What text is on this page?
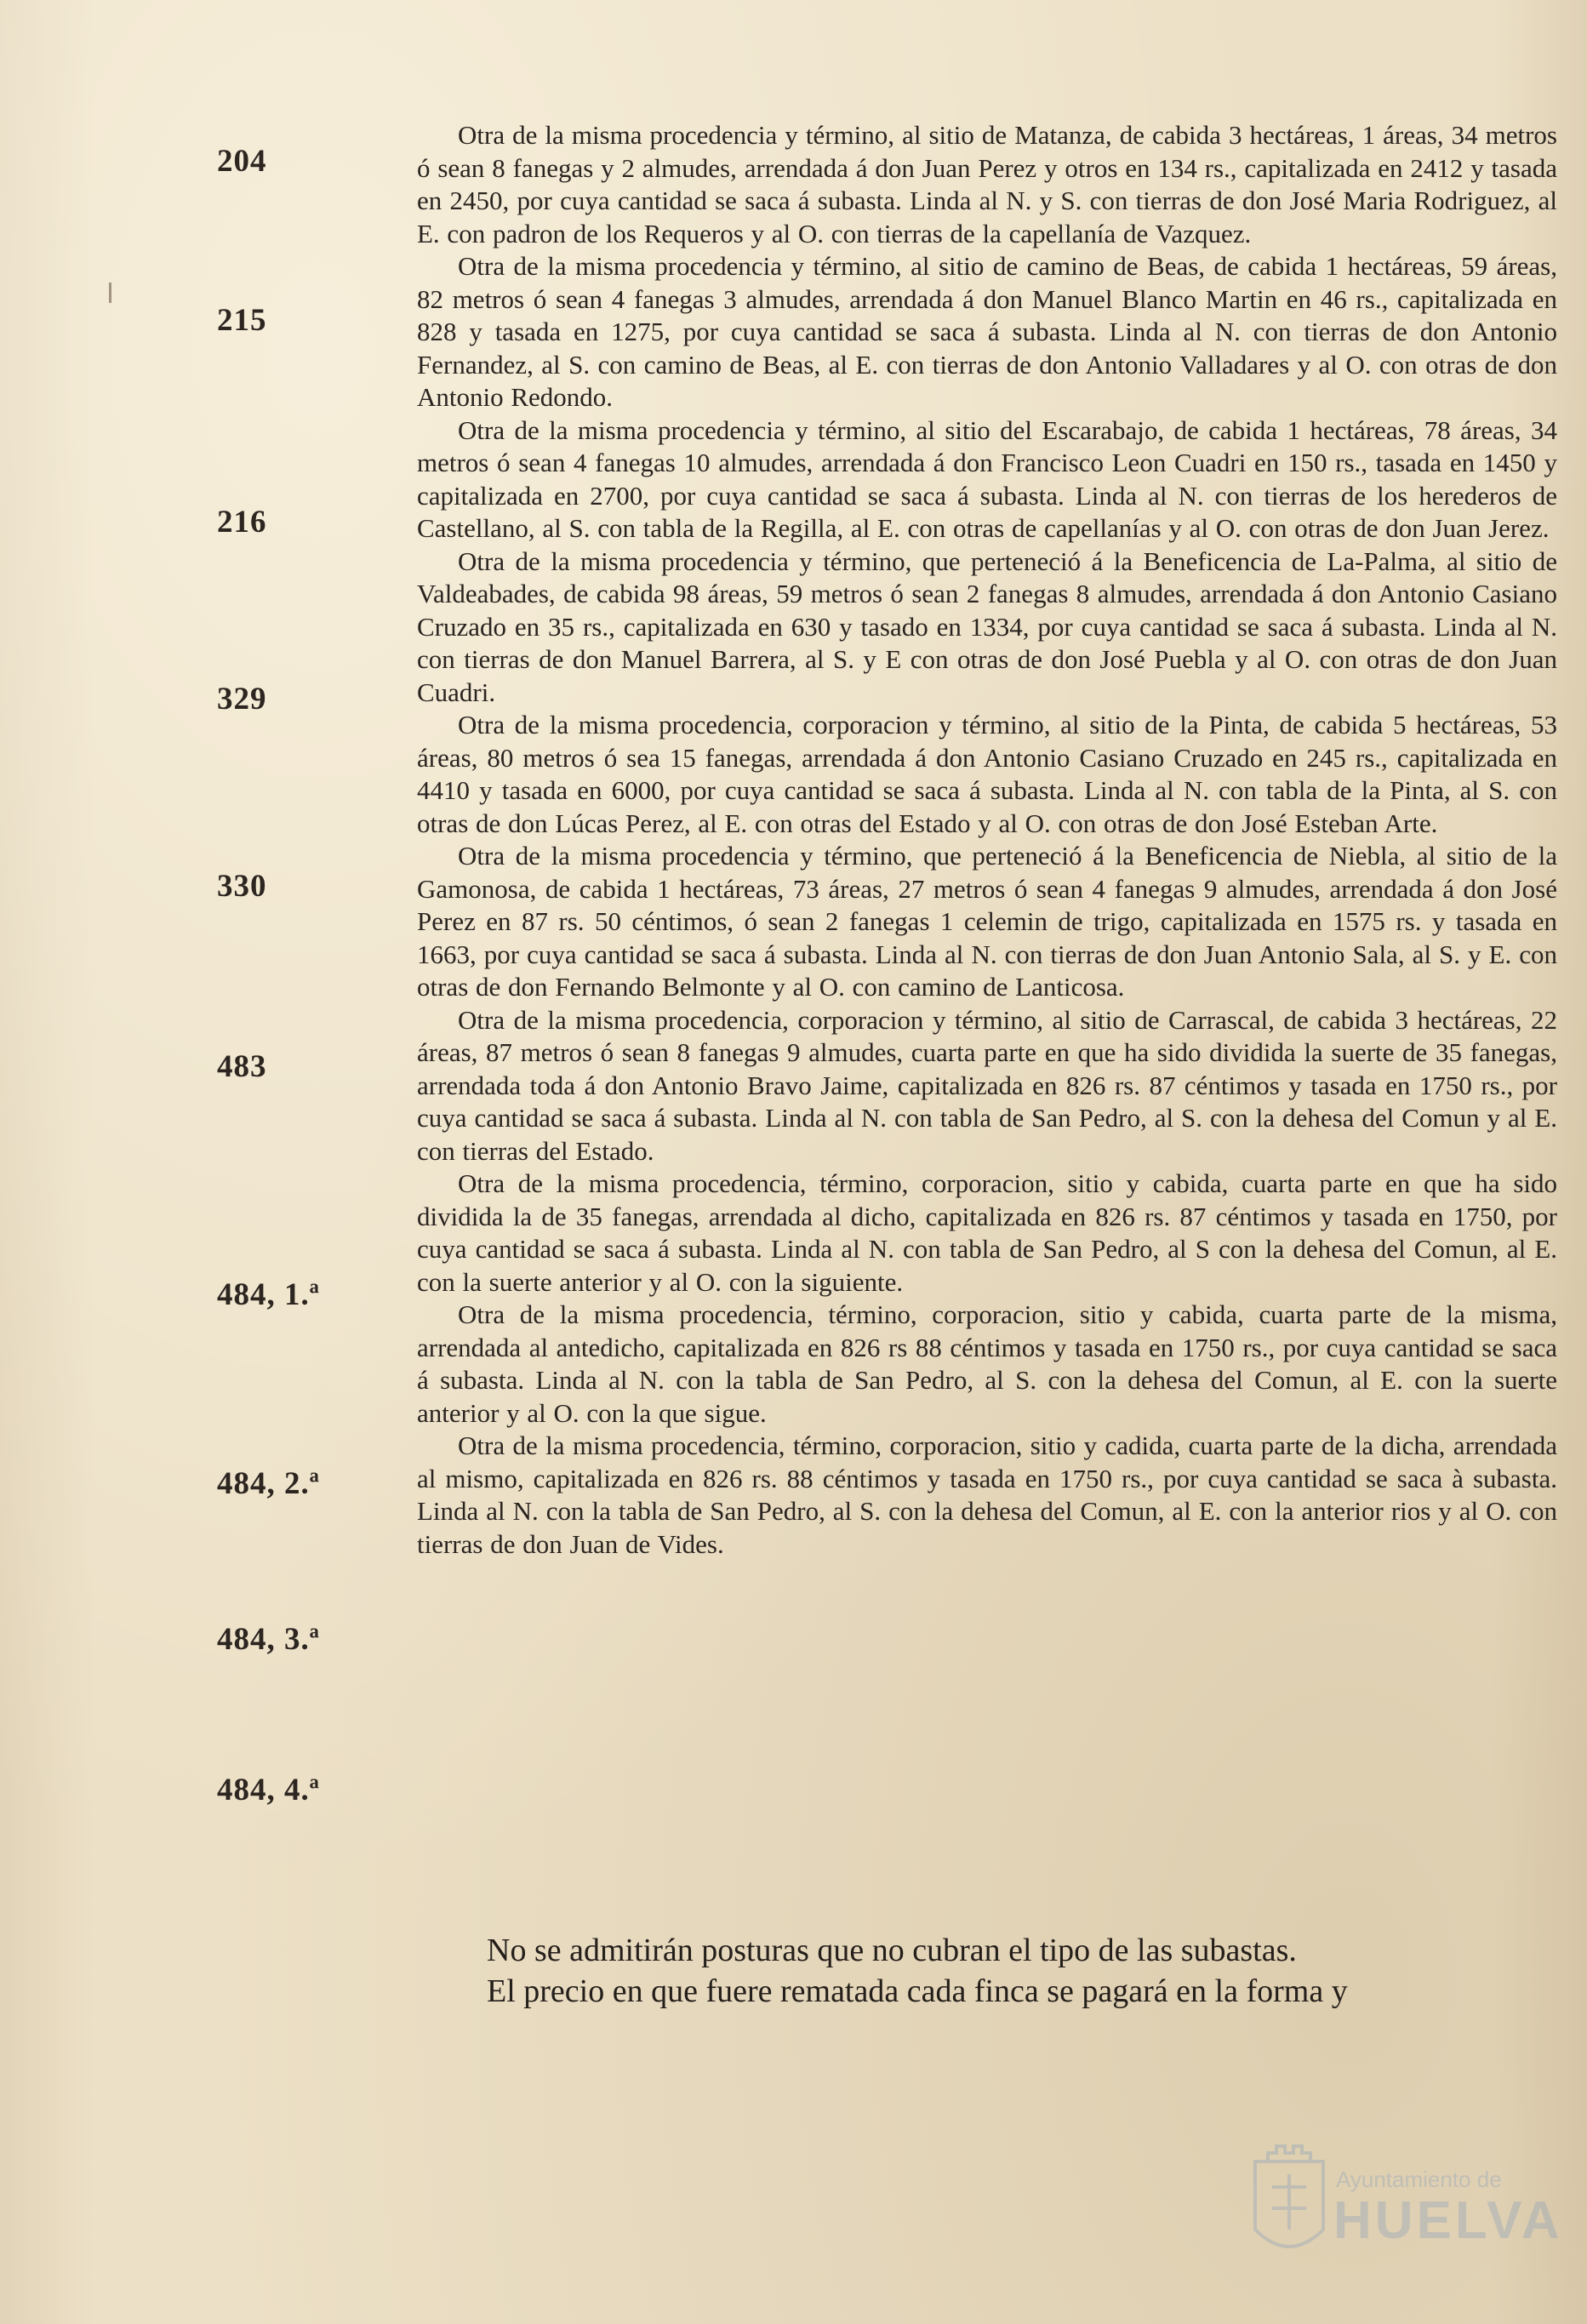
204
215
216
329
330
483
484, 1.ª
484, 2.ª
484, 3.ª
484, 4.ª

Otra de la misma procedencia y término, al sitio de Matanza, de cabida 3 hectáreas, 1 áreas, 34 metros ó sean 8 fanegas y 2 almudes, arrendada á don Juan Perez y otros en 134 rs., capitalizada en 2412 y tasada en 2450, por cuya cantidad se saca á subasta. Linda al N. y S. con tierras de don José Maria Rodriguez, al E. con padron de los Requeros y al O. con tierras de la capellanía de Vazquez.

Otra de la misma procedencia y término, al sitio de camino de Beas, de cabida 1 hectáreas, 59 áreas, 82 metros ó sean 4 fanegas 3 almudes, arrendada á don Manuel Blanco Martin en 46 rs., capitalizada en 828 y tasada en 1275, por cuya cantidad se saca á subasta. Linda al N. con tierras de don Antonio Fernandez, al S. con camino de Beas, al E. con tierras de don Antonio Valladares y al O. con otras de don Antonio Redondo.

Otra de la misma procedencia y término, al sitio del Escarabajo, de cabida 1 hectáreas, 78 áreas, 34 metros ó sean 4 fanegas 10 almudes, arrendada á don Francisco Leon Cuadri en 150 rs., tasada en 1450 y capitalizada en 2700, por cuya cantidad se saca á subasta. Linda al N. con tierras de los herederos de Castellano, al S. con tabla de la Regilla, al E. con otras de capellanías y al O. con otras de don Juan Jerez.

Otra de la misma procedencia y término, que perteneció á la Beneficencia de La-Palma, al sitio de Valdeabades, de cabida 98 áreas, 59 metros ó sean 2 fanegas 8 almudes, arrendada á don Antonio Casiano Cruzado en 35 rs., capitalizada en 630 y tasado en 1334, por cuya cantidad se saca á subasta. Linda al N. con tierras de don Manuel Barrera, al S. y E con otras de don José Puebla y al O. con otras de don Juan Cuadri.

Otra de la misma procedencia, corporacion y término, al sitio de la Pinta, de cabida 5 hectáreas, 53 áreas, 80 metros ó sea 15 fanegas, arrendada á don Antonio Casiano Cruzado en 245 rs., capitalizada en 4410 y tasada en 6000, por cuya cantidad se saca á subasta. Linda al N. con tabla de la Pinta, al S. con otras de don Lúcas Perez, al E. con otras del Estado y al O. con otras de don José Esteban Arte.

Otra de la misma procedencia y término, que perteneció á la Beneficencia de Niebla, al sitio de la Gamonosa, de cabida 1 hectáreas, 73 áreas, 27 metros ó sean 4 fanegas 9 almudes, arrendada á don José Perez en 87 rs. 50 céntimos, ó sean 2 fanegas 1 celemin de trigo, capitalizada en 1575 rs. y tasada en 1663, por cuya cantidad se saca á subasta. Linda al N. con tierras de don Juan Antonio Sala, al S. y E. con otras de don Fernando Belmonte y al O. con camino de Lanticosa.

Otra de la misma procedencia, corporacion y término, al sitio de Carrascal, de cabida 3 hectáreas, 22 áreas, 87 metros ó sean 8 fanegas 9 almudes, cuarta parte en que ha sido dividida la suerte de 35 fanegas, arrendada toda á don Antonio Bravo Jaime, capitalizada en 826 rs. 87 céntimos y tasada en 1750 rs., por cuya cantidad se saca á subasta. Linda al N. con tabla de San Pedro, al S. con la dehesa del Comun y al E. con tierras del Estado.

Otra de la misma procedencia, término, corporacion, sitio y cabida, cuarta parte en que ha sido dividida la de 35 fanegas, arrendada al dicho, capitalizada en 826 rs. 87 céntimos y tasada en 1750, por cuya cantidad se saca á subasta. Linda al N. con tabla de San Pedro, al S con la dehesa del Comun, al E. con la suerte anterior y al O. con la siguiente.

Otra de la misma procedencia, término, corporacion, sitio y cabida, cuarta parte de la misma, arrendada al antedicho, capitalizada en 826 rs 88 céntimos y tasada en 1750 rs., por cuya cantidad se saca á subasta. Linda al N. con la tabla de San Pedro, al S. con la dehesa del Comun, al E. con la suerte anterior y al O. con la que sigue.

Otra de la misma procedencia, término, corporacion, sitio y cadida, cuarta parte de la dicha, arrendada al mismo, capitalizada en 826 rs. 88 céntimos y tasada en 1750 rs., por cuya cantidad se saca à subasta. Linda al N. con la tabla de San Pedro, al S. con la dehesa del Comun, al E. con la anterior rios y al O. con tierras de don Juan de Vides.

No se admitirán posturas que no cubran el tipo de las subastas.

El precio en que fuere rematada cada finca se pagará en la forma y

Ayuntamiento de
HUELVA
